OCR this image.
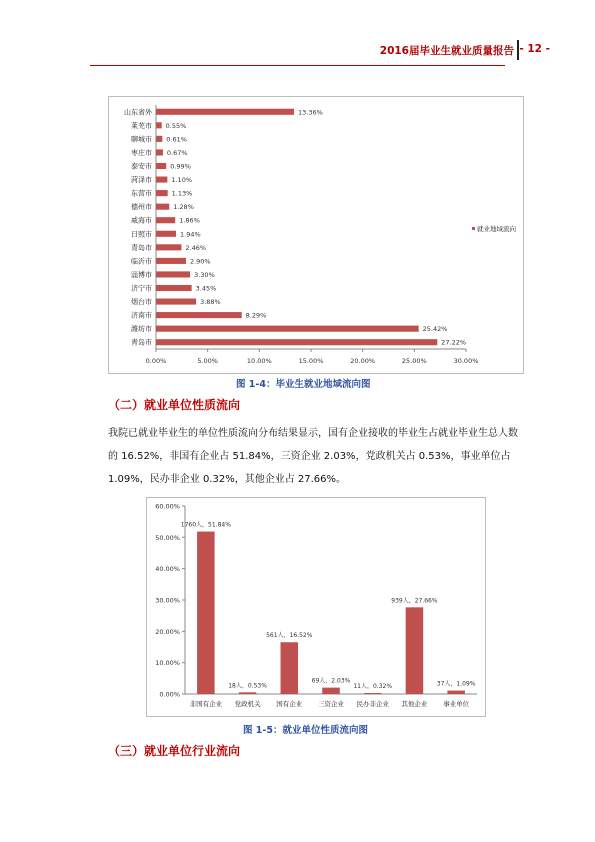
2016届毕业生就业质量报告 - 12 -
0.00%	5.00%	10.00%	15.00%	20.00%	25.00%	30.00%
山东省外	13.36%
莱芜市 0.55%
聊城市 0.61%
枣庄市 0.67%
泰安市	0.99%
菏泽市	1.10%
东营市	1.13%
德州市	1.28%
威海市	1.86%
日照市	1.94%
青岛市	2.46%
临沂市	2.90%
淄博市	3.30%
济宁市	3.45%
烟台市	3.88%
济南市	8.29%
潍坊市	25.42%
青岛市	27.22%
就业地域流向
图 1-4：毕业生就业地域流向图
（二）就业单位性质流向
我院已就业毕业生的单位性质流向分布结果显示，国有企业接收的毕业生占就业毕业生总人数的 16.52%，非国有企业占 51.84%，三资企业 2.03%，党政机关占 0.53%，事业单位占 1.09%，民办非企业 0.32%，其他企业占 27.66%。
0.00%
10.00%
20.00%
30.00%
40.00%
50.00%
60.00%
1760人，51.84%
非国有企业
18人，0.53%
党政机关
561人，16.52%
国有企业
69人，2.03%
三资企业
11人，0.32%
民办非企业
939人，27.66%
其他企业
37人，1.09%
事业单位
图 1-5：就业单位性质流向图
（三）就业单位行业流向
